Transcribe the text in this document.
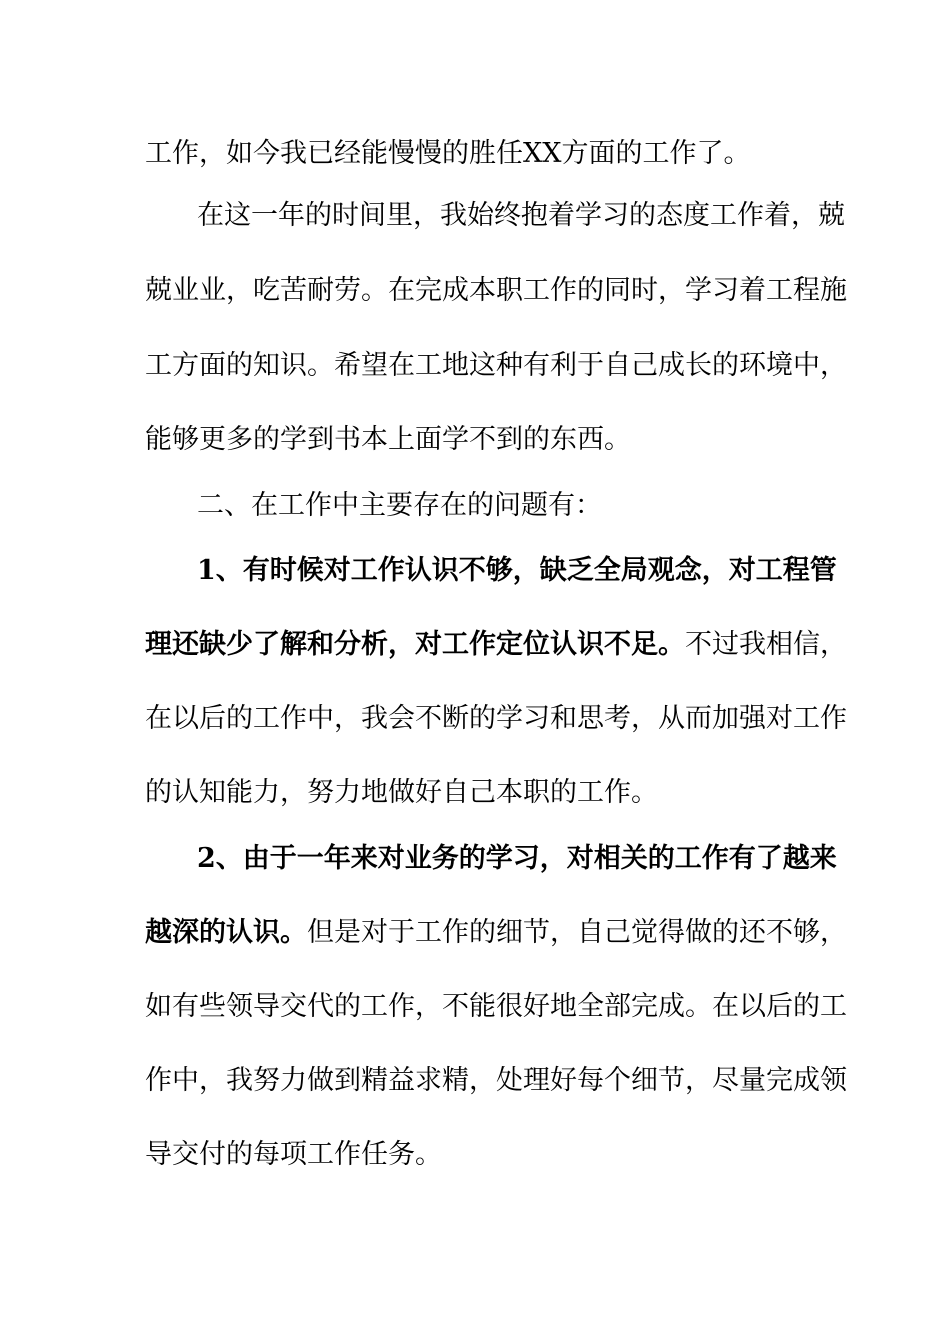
工作，如今我已经能慢慢的胜任XX方面的工作了。
在这一年的时间里，我始终抱着学习的态度工作着，兢
兢业业，吃苦耐劳。在完成本职工作的同时，学习着工程施
工方面的知识。希望在工地这种有利于自己成长的环境中，
能够更多的学到书本上面学不到的东西。
二、在工作中主要存在的问题有：
1、有时候对工作认识不够，缺乏全局观念，对工程管
理还缺少了解和分析，对工作定位认识不足。不过我相信，
在以后的工作中，我会不断的学习和思考，从而加强对工作
的认知能力，努力地做好自己本职的工作。
2、由于一年来对业务的学习，对相关的工作有了越来
越深的认识。但是对于工作的细节，自己觉得做的还不够，
如有些领导交代的工作，不能很好地全部完成。在以后的工
作中，我努力做到精益求精，处理好每个细节，尽量完成领
导交付的每项工作任务。
